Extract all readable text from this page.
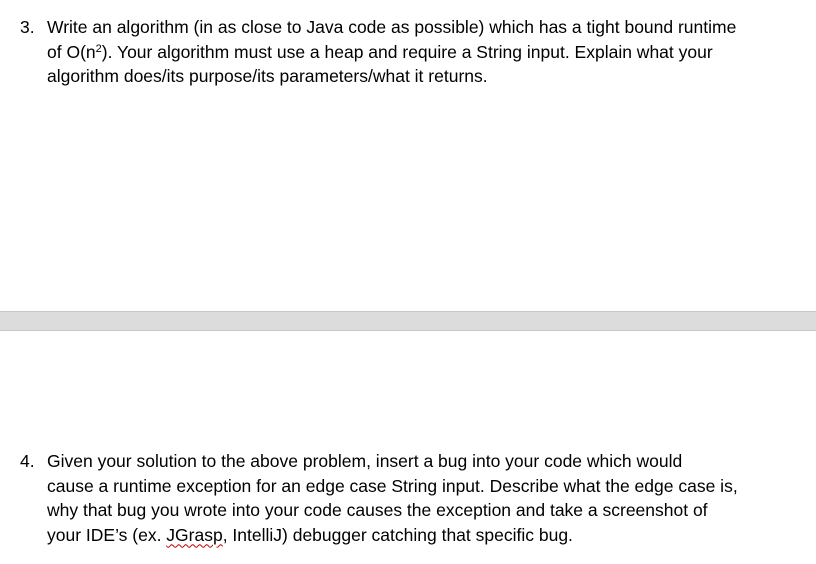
3. Write an algorithm (in as close to Java code as possible) which has a tight bound runtime
of $O(n^2)$. Your algorithm must use a heap and require a String input. Explain what your
algorithm does/its purpose/its parameters/what it returns.
4. Given your solution to the above problem, insert a bug into your code which would
cause a runtime exception for an edge case String input. Describe what the edge case is,
why that bug you wrote into your code causes the exception and take a screenshot of
your IDE’s (ex. JGrasp, IntelliJ) debugger catching that specific bug.
